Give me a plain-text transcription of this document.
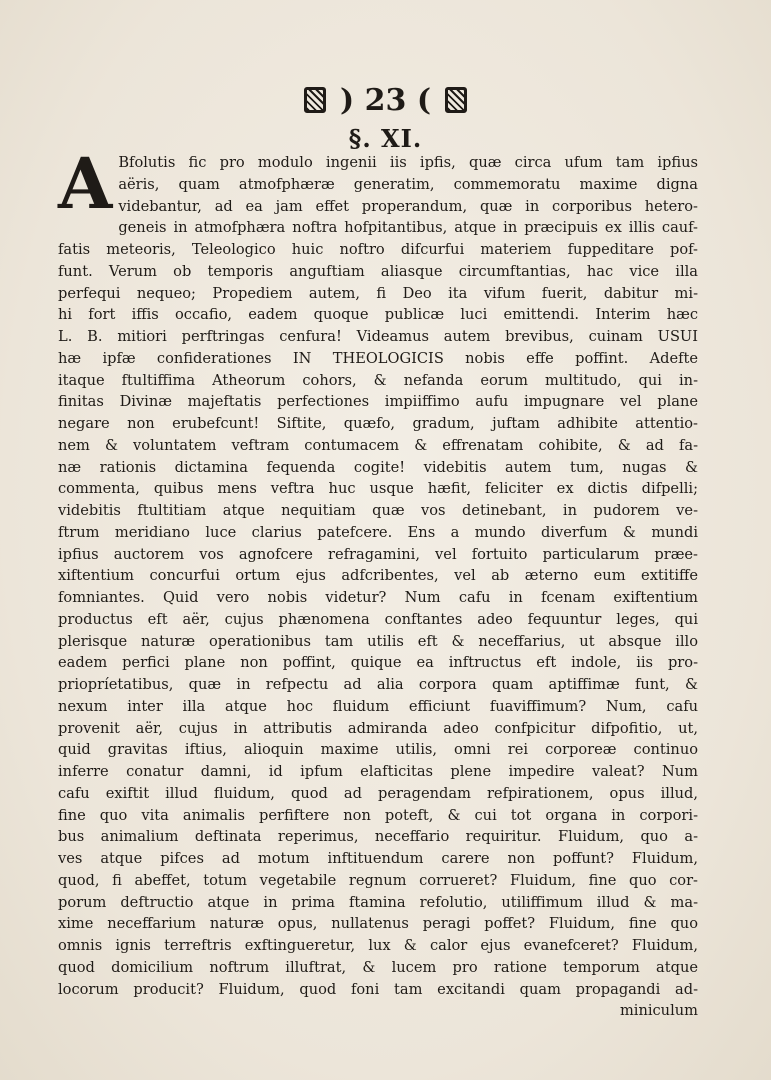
) 23 (
§. XI.
A Bfolutis fic pro modulo ingenii iis ipfis, quæ circa ufum tam ipfius
aëris, quam atmofphæræ generatim, commemoratu maxime digna
videbantur, ad ea jam effet properandum, quæ in corporibus hetero-
geneis in atmofphæra noftra hofpitantibus, atque in præcipuis ex illis cauf-
fatis meteoris, Teleologico huic noftro difcurfui materiem fuppeditare pof-
funt. Verum ob temporis anguftiam aliasque circumftantias, hac vice illa
perfequi nequeo; Propediem autem, fi Deo ita vifum fuerit, dabitur mi-
hi fort iffis occafio, eadem quoque publicæ luci emittendi. Interim hæc
L. B. mitiori perftringas cenfura! Videamus autem brevibus, cuinam USUI
hæ ipfæ confiderationes IN THEOLOGICIS nobis effe poffint. Adefte
itaque ftultiffima Atheorum cohors, & nefanda eorum multitudo, qui in-
finitas Divinæ majeftatis perfectiones impiiffimo aufu impugnare vel plane
negare non erubefcunt! Siftite, quæfo, gradum, juftam adhibite attentio-
nem & voluntatem veftram contumacem & effrenatam cohibite, & ad fa-
næ rationis dictamina fequenda cogite! videbitis autem tum, nugas &
commenta, quibus mens veftra huc usque hæfit, feliciter ex dictis difpelli;
videbitis ftultitiam atque nequitiam quæ vos detinebant, in pudorem ve-
ftrum meridiano luce clarius patefcere. Ens a mundo diverfum & mundi
ipfius auctorem vos agnofcere refragamini, vel fortuito particularum præe-
xiftentium concurfui ortum ejus adfcribentes, vel ab æterno eum extitiffe
fomniantes. Quid vero nobis videtur? Num cafu in fcenam exiftentium
productus eft aër, cujus phænomena conftantes adeo fequuntur leges, qui
plerisque naturæ operationibus tam utilis eft & neceffarius, ut absque illo
eadem perfici plane non poffint, quique ea inftructus eft indole, iis pro-
priopríetatibus, quæ in refpectu ad alia corpora quam aptiffimæ funt, &
nexum inter illa atque hoc fluidum efficiunt fuaviffimum? Num, cafu
provenit aër, cujus in attributis admiranda adeo confpicitur difpofitio, ut,
quid gravitas iftius, alioquin maxime utilis, omni rei corporeæ continuo
inferre conatur damni, id ipfum elafticitas plene impedire valeat? Num
cafu exiftit illud fluidum, quod ad peragendam refpirationem, opus illud,
fine quo vita animalis perfiftere non poteft, & cui tot organa in corpori-
bus animalium deftinata reperimus, neceffario requiritur. Fluidum, quo a-
ves atque pifces ad motum inftituendum carere non poffunt? Fluidum,
quod, fi abeffet, totum vegetabile regnum corrueret? Fluidum, fine quo cor-
porum deftructio atque in prima ftamina refolutio, utiliffimum illud & ma-
xime neceffarium naturæ opus, nullatenus peragi poffet? Fluidum, fine quo
omnis ignis terreftris exftingueretur, lux & calor ejus evanefceret? Fluidum,
quod domicilium noftrum illuftrat, & lucem pro ratione temporum atque
locorum producit? Fluidum, quod foni tam excitandi quam propagandi ad-
miniculum
